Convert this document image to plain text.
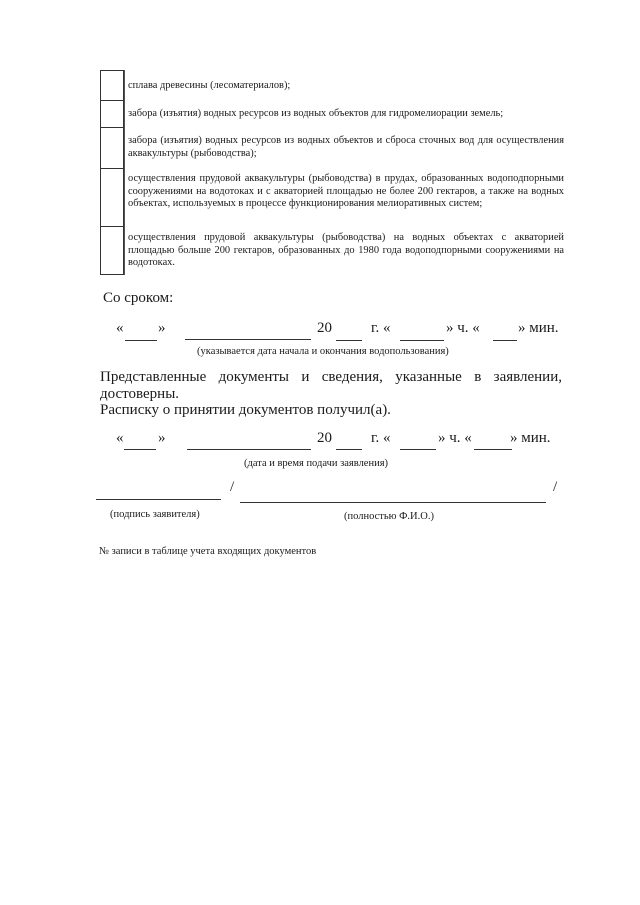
сплава древесины (лесоматериалов);
забора (изъятия) водных ресурсов из водных объектов для гидромелиорации земель;
забора (изъятия) водных ресурсов из водных объектов и сброса сточных вод для осуществления аквакультуры (рыбоводства);
осуществления прудовой аквакультуры (рыбоводства) в прудах, образованных водоподпорными сооружениями на водотоках и с акваторией площадью не более 200 гектаров, а также на водных объектах, используемых в процессе функционирования мелиоративных систем;
осуществления прудовой аквакультуры (рыбоводства) на водных объектах с акваторией площадью больше 200 гектаров, образованных до 1980 года водоподпорными сооружениями на водотоках.
Со сроком:
« »	20	г. «	» ч. «	» мин.
(указывается дата начала и окончания водопользования)
Представленные документы и сведения, указанные в заявлении, достоверны.
Расписку о принятии документов получил(а).
« »	20	г. «	» ч. «	» мин.
(дата и время подачи заявления)
/	/
(подпись заявителя)	(полностью Ф.И.О.)
№ записи в таблице учета входящих документов
